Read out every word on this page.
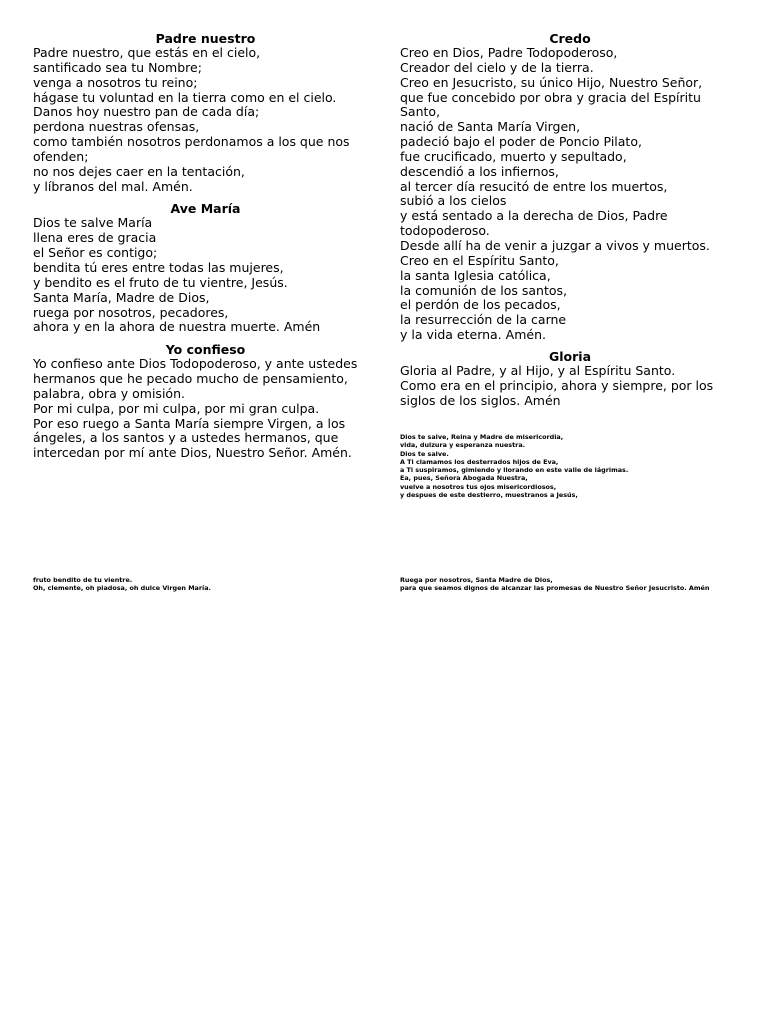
Padre nuestro

Padre nuestro, que estás en el cielo,

santificado sea tu Nombre;

venga a nosotros tu reino;

hágase tu voluntad en la tierra como en el cielo.

Danos hoy nuestro pan de cada día;

perdona nuestras ofensas,

como también nosotros perdonamos a los que nos

ofenden;

no nos dejes caer en la tentación,

y líbranos del mal. Amén.

Ave María

Dios te salve María

llena eres de gracia

el Señor es contigo;

bendita tú eres entre todas las mujeres,

y bendito es el fruto de tu vientre, Jesús.

Santa María, Madre de Dios,

ruega por nosotros, pecadores,

ahora y en la ahora de nuestra muerte. Amén

Yo confieso

Yo confieso ante Dios Todopoderoso, y ante ustedes

hermanos que he pecado mucho de pensamiento,

palabra, obra y omisión.

Por mi culpa, por mi culpa, por mi gran culpa.

Por eso ruego a Santa María siempre Virgen, a los

ángeles, a los santos y a ustedes hermanos, que

intercedan por mí ante Dios, Nuestro Señor. Amén.

Credo

Creo en Dios, Padre Todopoderoso,

Creador del cielo y de la tierra.

Creo en Jesucristo, su único Hijo, Nuestro Señor,

que fue concebido por obra y gracia del Espíritu

Santo,

nació de Santa María Virgen,

padeció bajo el poder de Poncio Pilato,

fue crucificado, muerto y sepultado,

descendió a los infiernos,

al tercer día resucitó de entre los muertos,

subió a los cielos

y está sentado a la derecha de Dios, Padre

todopoderoso.

Desde allí ha de venir a juzgar a vivos y muertos.

Creo en el Espíritu Santo,

la santa Iglesia católica,

la comunión de los santos,

el perdón de los pecados,

la resurrección de la carne

y la vida eterna. Amén.

Gloria

Gloria al Padre, y al Hijo, y al Espíritu Santo.

Como era en el principio, ahora y siempre, por los

siglos de los siglos. Amén

Dios te salve, Reina y Madre de misericordia,

vida, dulzura y esperanza nuestra.

Dios te salve.

A Ti clamamos los desterrados hijos de Eva,

a Ti suspiramos, gimiendo y llorando en este valle de lágrimas.

Ea, pues, Señora Abogada Nuestra,

vuelve a nosotros tus ojos misericordiosos,

y despues de este destierro, muestranos a Jesús,

fruto bendito de tu vientre.

Oh, clemente, oh piadosa, oh dulce Virgen María.

Ruega por nosotros, Santa Madre de Dios,

para que seamos dignos de alcanzar las promesas de Nuestro Señor Jesucristo. Amén
